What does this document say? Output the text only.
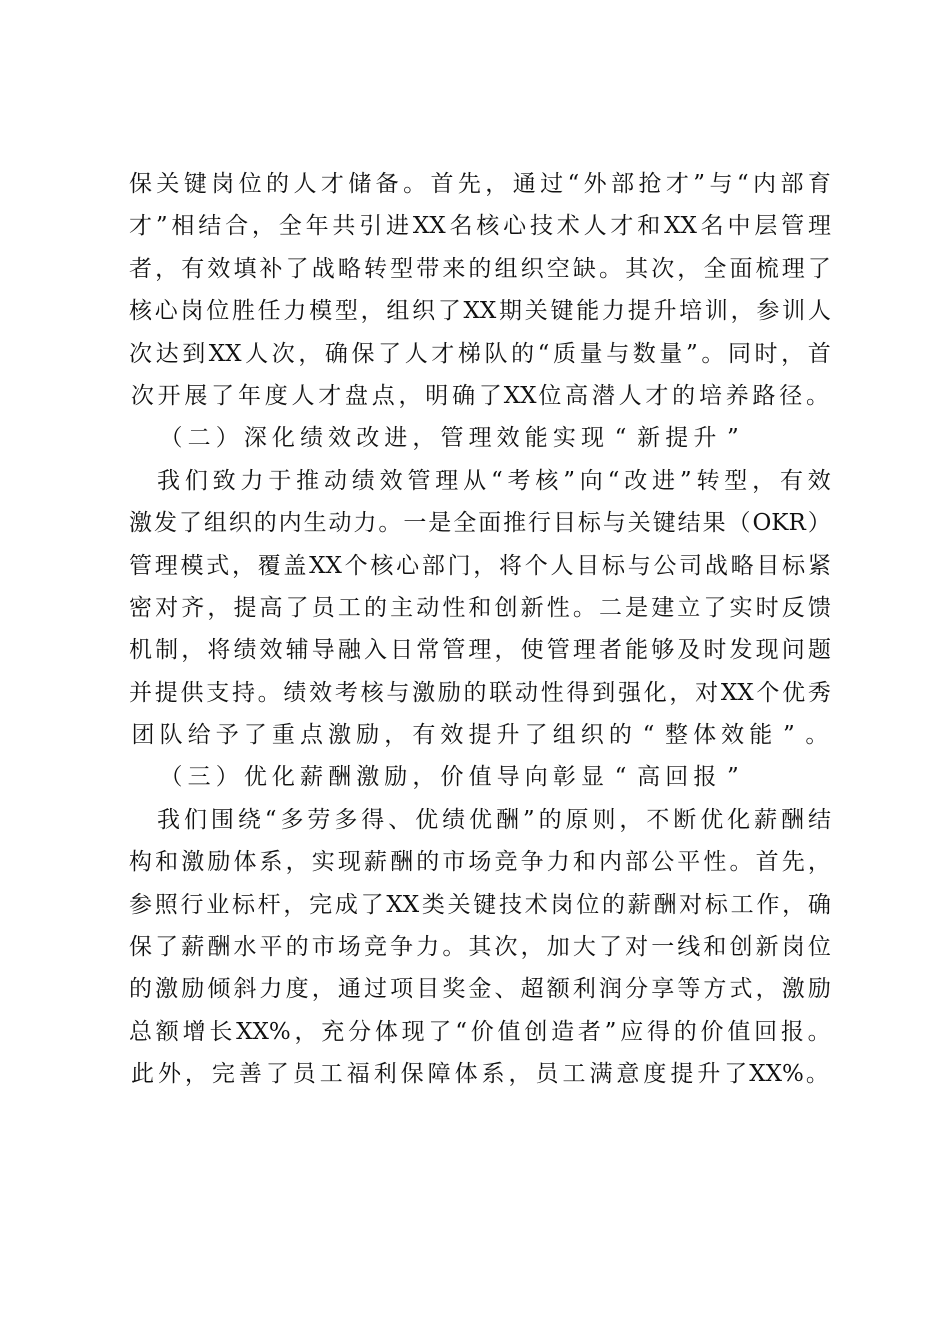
保 关 键 岗 位 的 人 才 储 备 。 首 先 ， 通 过 “ 外 部 抢 才 ” 与 “ 内 部 育
才 ” 相 结 合 ， 全 年 共 引 进 XX 名 核 心 技 术 人 才 和 XX 名 中 层 管 理
者 ， 有 效 填 补 了 战 略 转 型 带 来 的 组 织 空 缺 。 其 次 ， 全 面 梳 理 了
核 心 岗 位 胜 任 力 模 型 ， 组 织 了 XX 期 关 键 能 力 提 升 培 训 ， 参 训 人
次 达 到 XX 人 次 ， 确 保 了 人 才 梯 队 的 “ 质 量 与 数 量 ” 。 同 时 ， 首
次 开 展 了 年 度 人 才 盘 点 ， 明 确 了 XX 位 高 潜 人 才 的 培 养 路 径 。
（ 二 ） 深 化 绩 效 改 进 ， 管 理 效 能 实 现 “ 新 提 升 ”
我 们 致 力 于 推 动 绩 效 管 理 从 “ 考 核 ” 向 “ 改 进 ” 转 型 ， 有 效
激 发 了 组 织 的 内 生 动 力 。 一 是 全 面 推 行 目 标 与 关 键 结 果 （ OKR ）
管 理 模 式 ， 覆 盖 XX 个 核 心 部 门 ， 将 个 人 目 标 与 公 司 战 略 目 标 紧
密 对 齐 ， 提 高 了 员 工 的 主 动 性 和 创 新 性 。 二 是 建 立 了 实 时 反 馈
机 制 ， 将 绩 效 辅 导 融 入 日 常 管 理 ， 使 管 理 者 能 够 及 时 发 现 问 题
并 提 供 支 持 。 绩 效 考 核 与 激 励 的 联 动 性 得 到 强 化 ， 对 XX 个 优 秀
团 队 给 予 了 重 点 激 励 ， 有 效 提 升 了 组 织 的 “ 整 体 效 能 ” 。
（ 三 ） 优 化 薪 酬 激 励 ， 价 值 导 向 彰 显 “ 高 回 报 ”
我 们 围 绕 “ 多 劳 多 得 、 优 绩 优 酬 ” 的 原 则 ， 不 断 优 化 薪 酬 结
构 和 激 励 体 系 ， 实 现 薪 酬 的 市 场 竞 争 力 和 内 部 公 平 性 。 首 先 ，
参 照 行 业 标 杆 ， 完 成 了 XX 类 关 键 技 术 岗 位 的 薪 酬 对 标 工 作 ， 确
保 了 薪 酬 水 平 的 市 场 竞 争 力 。 其 次 ， 加 大 了 对 一 线 和 创 新 岗 位
的 激 励 倾 斜 力 度 ， 通 过 项 目 奖 金 、 超 额 利 润 分 享 等 方 式 ， 激 励
总 额 增 长 XX% ， 充 分 体 现 了 “ 价 值 创 造 者 ” 应 得 的 价 值 回 报 。
此 外 ， 完 善 了 员 工 福 利 保 障 体 系 ， 员 工 满 意 度 提 升 了 XX% 。
